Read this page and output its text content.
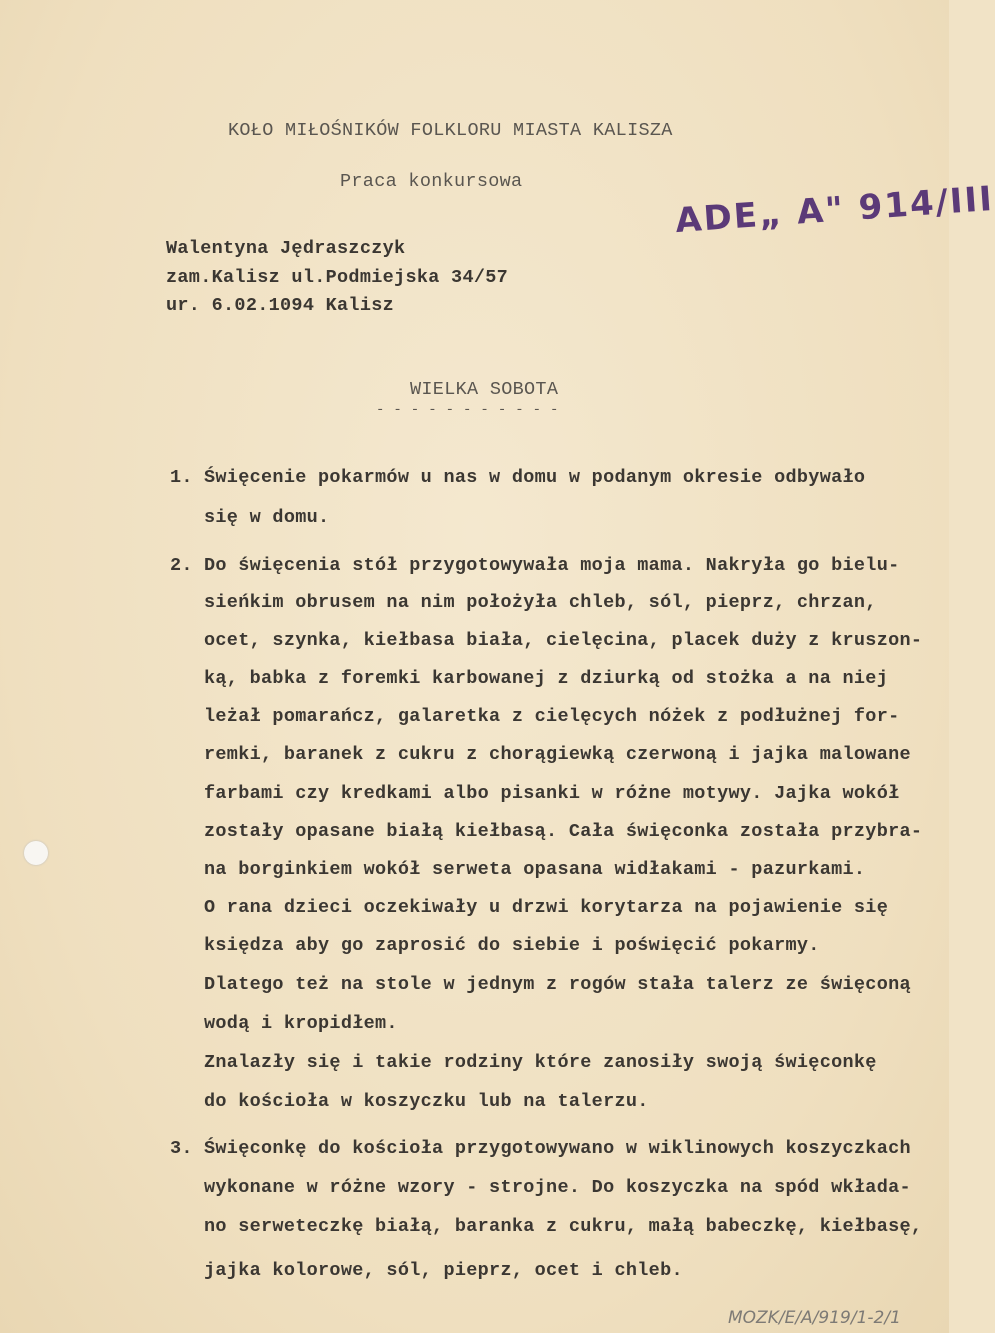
KOŁO MIŁOŚNIKÓW FOLKLORU MIASTA KALISZA
Praca konkursowa
Walentyna Jędraszczyk
zam.Kalisz ul.Podmiejska 34/57
ur. 6.02.1094 Kalisz
ADE„ A" 914/III
WIELKA SOBOTA
- - - - - - - - - - -
1. Święcenie pokarmów u nas w domu w podanym okresie odbywało
się w domu.
2. Do święcenia stół przygotowywała moja mama. Nakryła go bielu-
sieńkim obrusem na nim położyła chleb, sól, pieprz, chrzan,
ocet, szynka, kiełbasa biała, cielęcina, placek duży z kruszon-
ką, babka z foremki karbowanej z dziurką od stożka a na niej
leżał pomarańcz, galaretka z cielęcych nóżek z podłużnej for-
remki, baranek z cukru z chorągiewką czerwoną i jajka malowane
farbami czy kredkami albo pisanki w różne motywy. Jajka wokół
zostały opasane białą kiełbasą. Cała święconka została przybra-
na borginkiem wokół serweta opasana widłakami - pazurkami.
O rana dzieci oczekiwały u drzwi korytarza na pojawienie się
księdza aby go zaprosić do siebie i poświęcić pokarmy.
Dlatego też na stole w jednym z rogów stała talerz ze święconą
wodą i kropidłem.
Znalazły się i takie rodziny które zanosiły swoją święconkę
do kościoła w koszyczku lub na talerzu.
3. Święconkę do kościoła przygotowywano w wiklinowych koszyczkach
wykonane w różne wzory - strojne. Do koszyczka na spód wkłada-
no serweteczkę białą, baranka z cukru, małą babeczkę, kiełbasę,
jajka kolorowe, sól, pieprz, ocet i chleb.
MOZK/E/A/919/1-2/1
